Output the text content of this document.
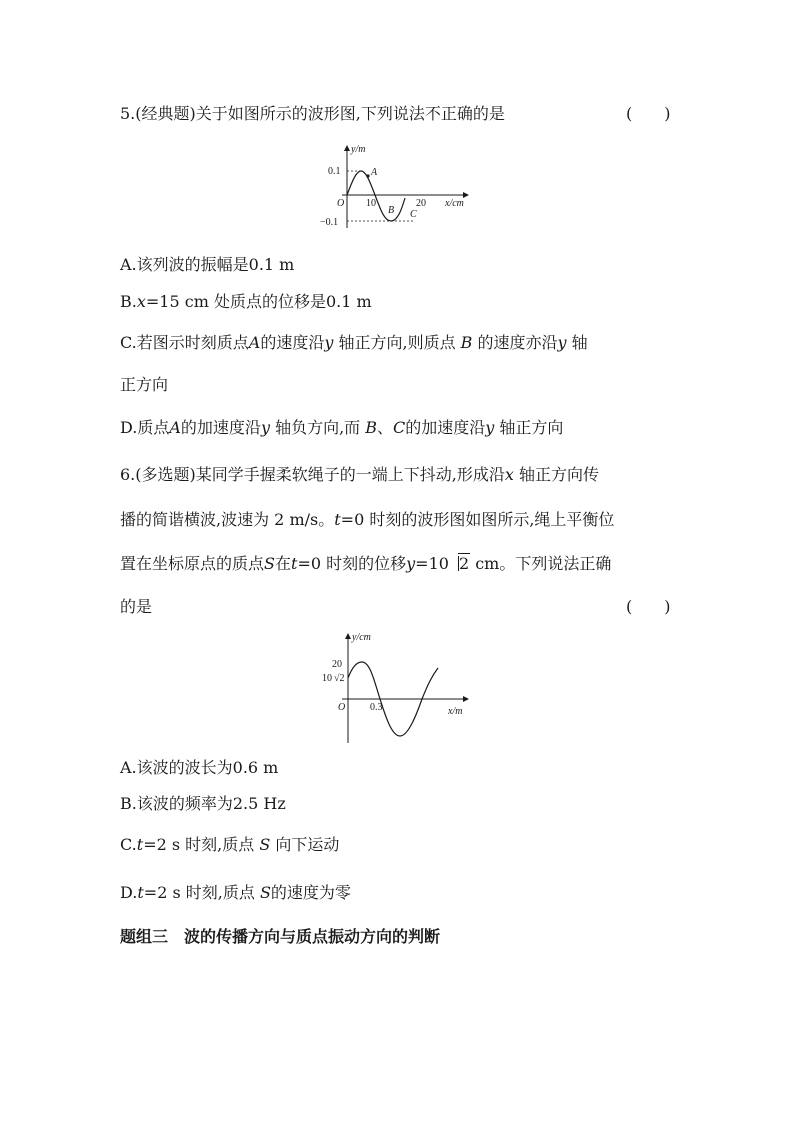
5.(经典题)关于如图所示的波形图,下列说法不正确的是	(　　)
y/m
0.1
−0.1
O 10	20 x/cm
A
B C
A.该列波的振幅是0.1 m
B.x=15 cm 处质点的位移是0.1 m
C.若图示时刻质点A的速度沿y 轴正方向,则质点 B 的速度亦沿y 轴
正方向
D.质点A的加速度沿y 轴负方向,而 B、C的加速度沿y 轴正方向
6.(多选题)某同学手握柔软绳子的一端上下抖动,形成沿x 轴正方向传
播的简谐横波,波速为 2 m/s。t=0 时刻的波形图如图所示,绳上平衡位
置在坐标原点的质点S在t=0 时刻的位移y=10 2 cm。下列说法正确
的是	(　　)
y/cm
20
10 √2
O 0.3	x/m
A.该波的波长为0.6 m
B.该波的频率为2.5 Hz
C.t=2 s 时刻,质点 S 向下运动
D.t=2 s 时刻,质点 S的速度为零
题组三　波的传播方向与质点振动方向的判断
